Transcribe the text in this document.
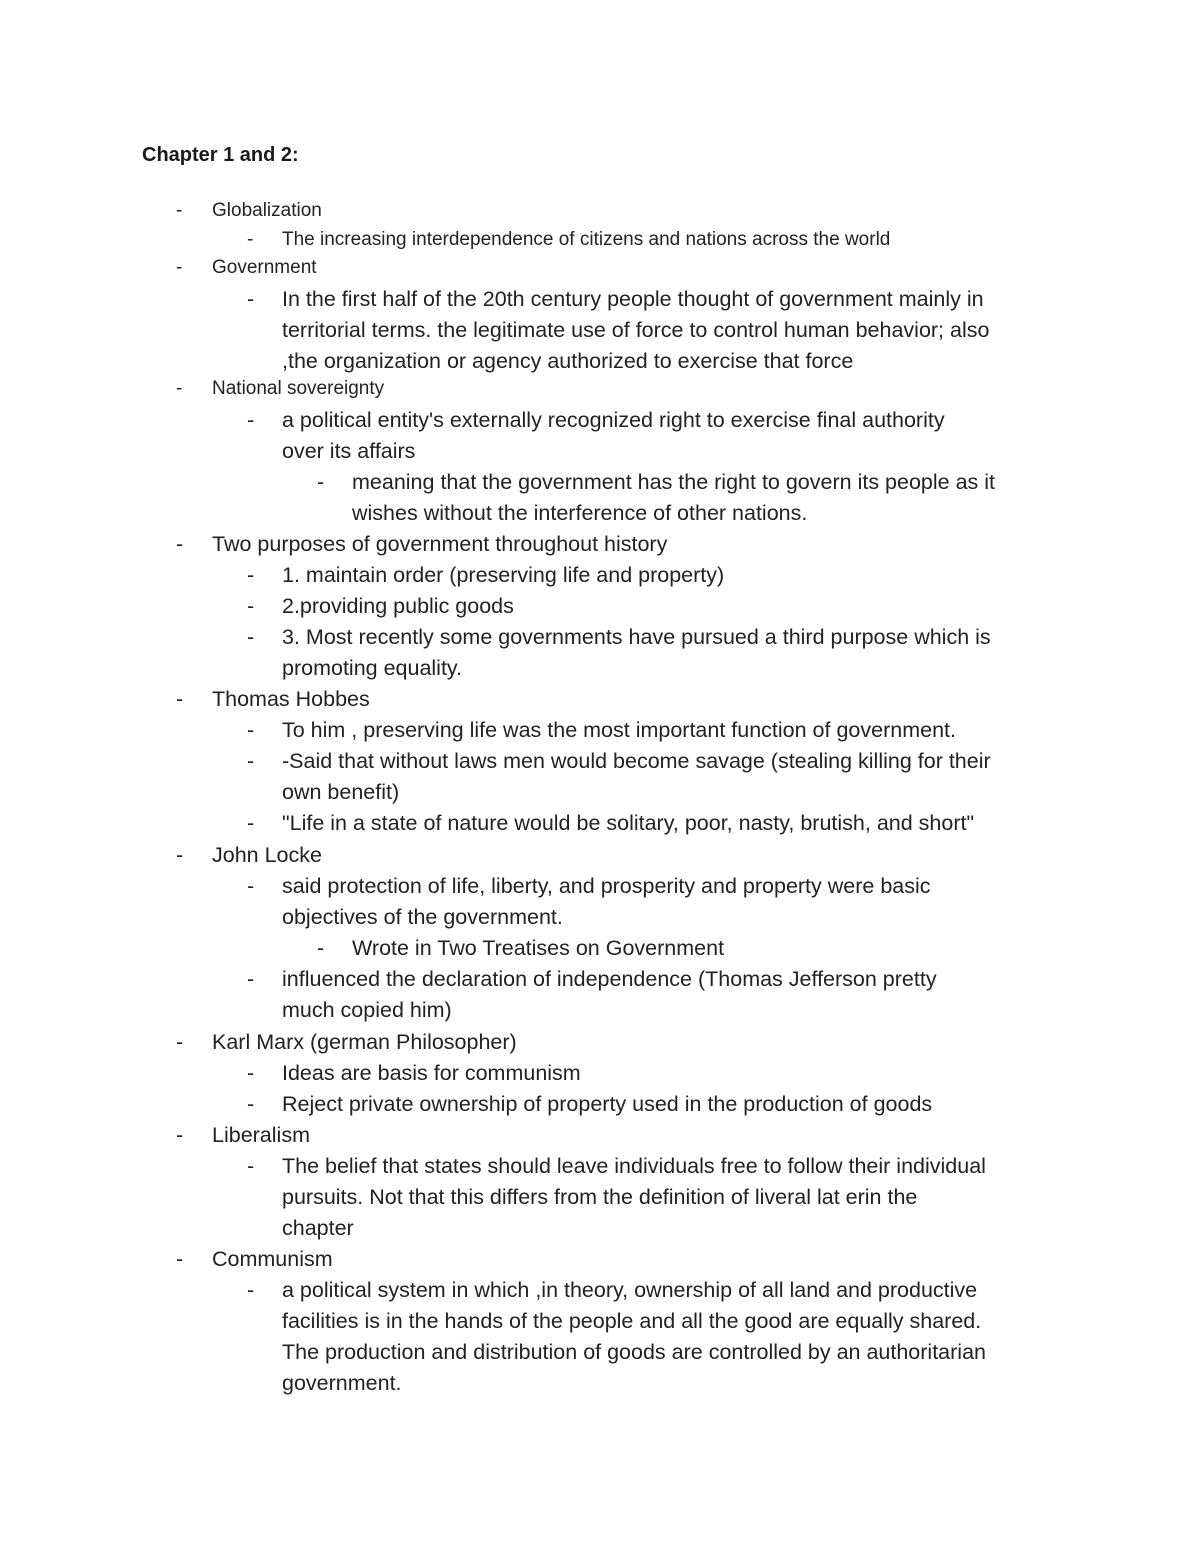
Chapter 1 and 2:
- Globalization
- The increasing interdependence of citizens and nations across the world
- Government
- In the first half of the 20th century people thought of government mainly in
territorial terms. the legitimate use of force to control human behavior; also
,the organization or agency authorized to exercise that force
- National sovereignty
- a political entity's externally recognized right to exercise final authority
over its affairs
- meaning that the government has the right to govern its people as it
wishes without the interference of other nations.
- Two purposes of government throughout history
- 1. maintain order (preserving life and property)
- 2.providing public goods
- 3. Most recently some governments have pursued a third purpose which is
promoting equality.
- Thomas Hobbes
- To him , preserving life was the most important function of government.
- -Said that without laws men would become savage (stealing killing for their
own benefit)
- "Life in a state of nature would be solitary, poor, nasty, brutish, and short"
- John Locke
- said protection of life, liberty, and prosperity and property were basic
objectives of the government.
- Wrote in Two Treatises on Government
- influenced the declaration of independence (Thomas Jefferson pretty
much copied him)
- Karl Marx (german Philosopher)
- Ideas are basis for communism
- Reject private ownership of property used in the production of goods
- Liberalism
- The belief that states should leave individuals free to follow their individual
pursuits. Not that this differs from the definition of liveral lat erin the
chapter
- Communism
- a political system in which ,in theory, ownership of all land and productive
facilities is in the hands of the people and all the good are equally shared.
The production and distribution of goods are controlled by an authoritarian
government.
